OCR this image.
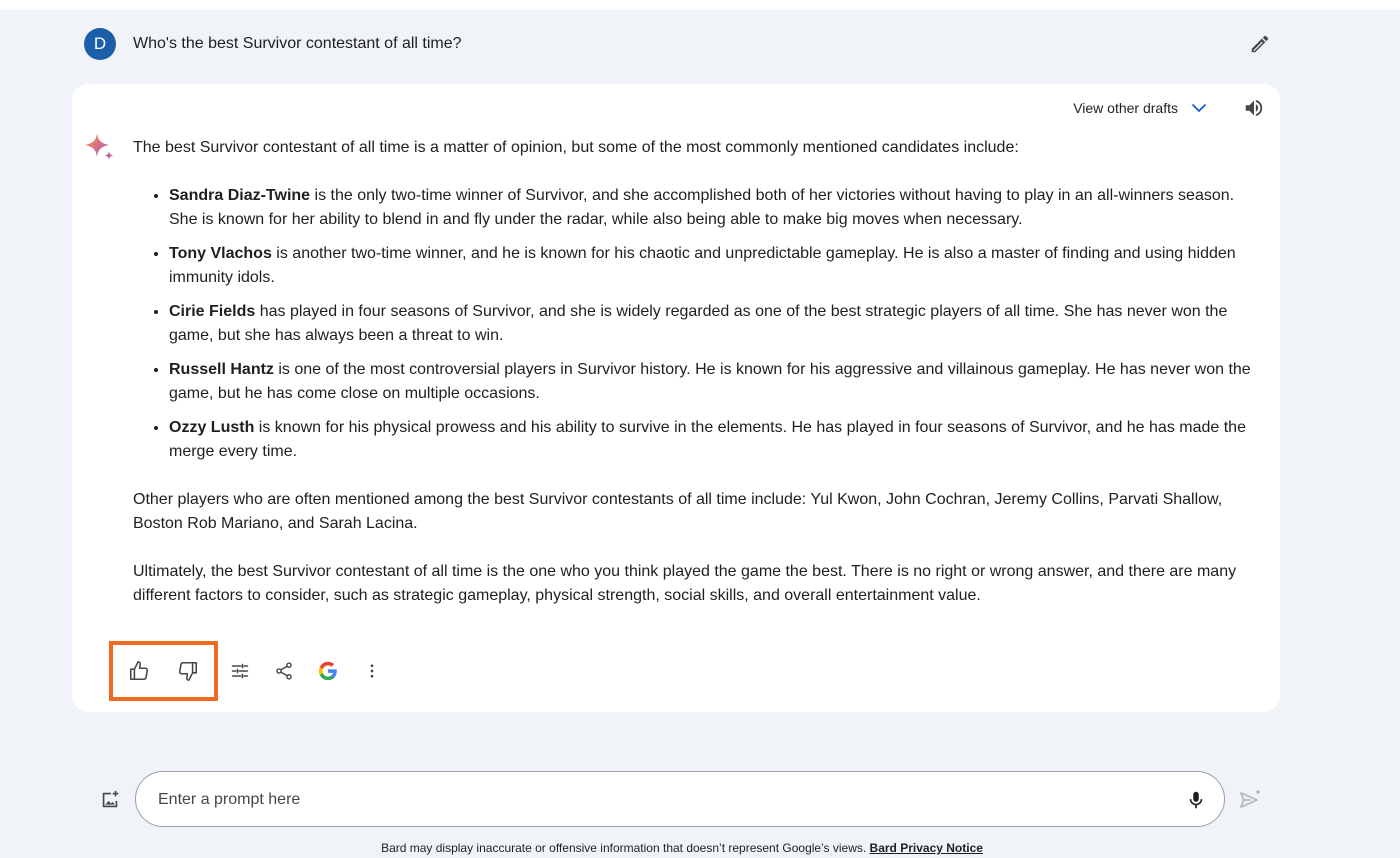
D	Who's the best Survivor contestant of all time?
View other drafts

The best Survivor contestant of all time is a matter of opinion, but some of the most commonly mentioned candidates include:

• Sandra Diaz-Twine is the only two-time winner of Survivor, and she accomplished both of her victories without having to play in an all-winners season. She is known for her ability to blend in and fly under the radar, while also being able to make big moves when necessary.
• Tony Vlachos is another two-time winner, and he is known for his chaotic and unpredictable gameplay. He is also a master of finding and using hidden immunity idols.
• Cirie Fields has played in four seasons of Survivor, and she is widely regarded as one of the best strategic players of all time. She has never won the game, but she has always been a threat to win.
• Russell Hantz is one of the most controversial players in Survivor history. He is known for his aggressive and villainous gameplay. He has never won the game, but he has come close on multiple occasions.
• Ozzy Lusth is known for his physical prowess and his ability to survive in the elements. He has played in four seasons of Survivor, and he has made the merge every time.

Other players who are often mentioned among the best Survivor contestants of all time include: Yul Kwon, John Cochran, Jeremy Collins, Parvati Shallow, Boston Rob Mariano, and Sarah Lacina.

Ultimately, the best Survivor contestant of all time is the one who you think played the game the best. There is no right or wrong answer, and there are many different factors to consider, such as strategic gameplay, physical strength, social skills, and overall entertainment value.

Enter a prompt here
Bard may display inaccurate or offensive information that doesn’t represent Google’s views. Bard Privacy Notice
